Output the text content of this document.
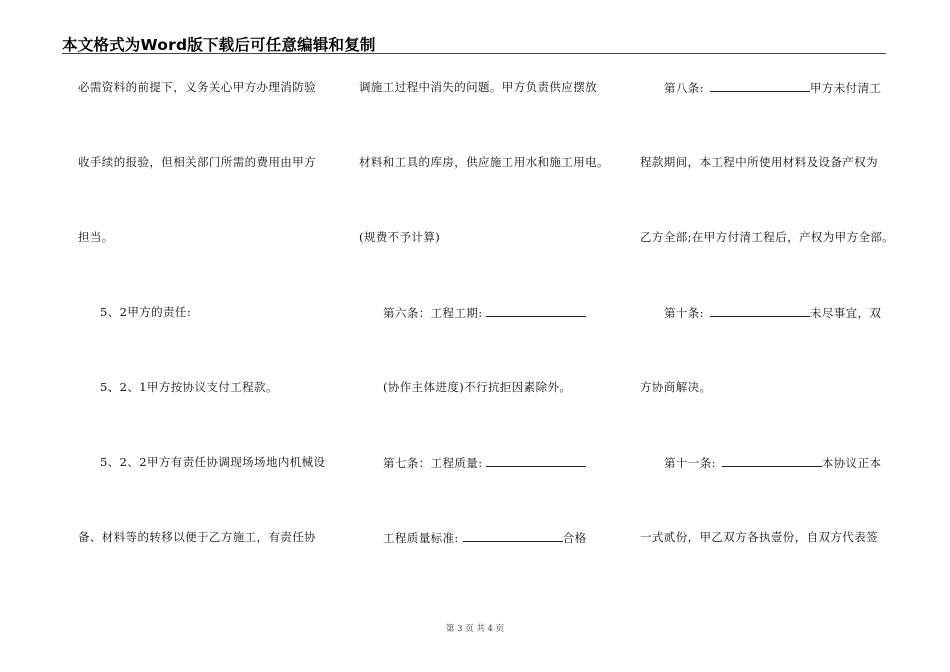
本文格式为Word版下载后可任意编辑和复制
必需资料的前提下，义务关心甲方办理消防验
收手续的报验，但相关部门所需的费用由甲方
担当。
5、2甲方的责任:
5、2、1甲方按协议支付工程款。
5、2、2甲方有责任协调现场场地内机械设
备、材料等的转移以便于乙方施工，有责任协
调施工过程中消失的问题。甲方负责供应摆放
材料和工具的库房，供应施工用水和施工用电。
(规费不予计算)
第六条：工程工期:
(协作主体进度)不行抗拒因素除外。
第七条：工程质量:
工程质量标准:	合格
第八条:	甲方未付清工
程款期间，本工程中所使用材料及设备产权为
乙方全部;在甲方付清工程后，产权为甲方全部。
第十条:	未尽事宜，双
方协商解决。
第十一条:	本协议正本
一式贰份，甲乙双方各执壹份，自双方代表签
第 3 页 共 4 页
